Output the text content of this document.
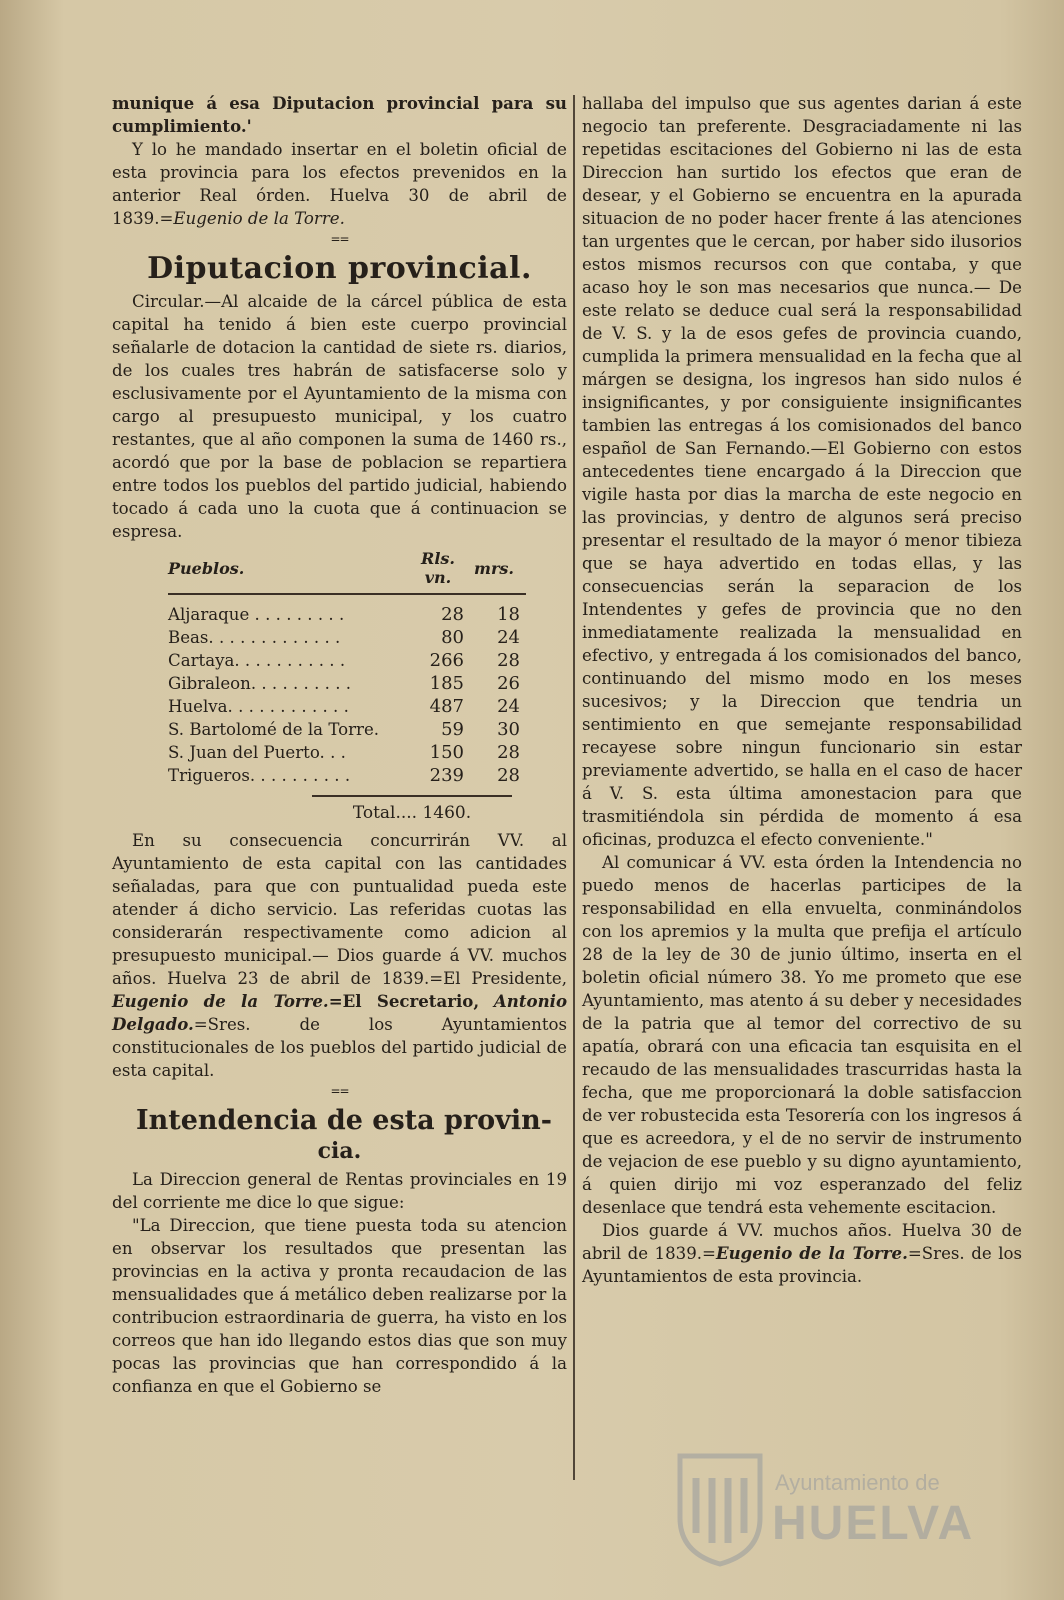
munique á esa Diputacion provincial para su cumplimiento.'

Y lo he mandado insertar en el boletin oficial de esta provincia para los efectos prevenidos en la anterior Real órden. Huelva 30 de abril de 1839.=Eugenio de la Torre.

==
Diputacion provincial.

Circular.—Al alcaide de la cárcel pública de esta capital ha tenido á bien este cuerpo provincial señalarle de dotacion la cantidad de siete rs. diarios, de los cuales tres habrán de satisfacerse solo y esclusivamente por el Ayuntamiento de la misma con cargo al presupuesto municipal, y los cuatro restantes, que al año componen la suma de 1460 rs., acordó que por la base de poblacion se repartiera entre todos los pueblos del partido judicial, habiendo tocado á cada uno la cuota que á continuacion se espresa.

Pueblos.	Rls. vn.	mrs.

Aljaraque . . . . . . . . .	28	18
Beas. . . . . . . . . . . . .	80	24
Cartaya. . . . . . . . . . .	266	28
Gibraleon. . . . . . . . . .	185	26
Huelva. . . . . . . . . . . .	487	24
S. Bartolomé de la Torre.	59	30
S. Juan del Puerto. . .	150	28
Trigueros. . . . . . . . . .	239	28
Total.... 1460.

En su consecuencia concurrirán VV. al Ayuntamiento de esta capital con las cantidades señaladas, para que con puntualidad pueda este atender á dicho servicio. Las referidas cuotas las considerarán respectivamente como adicion al presupuesto municipal.— Dios guarde á VV. muchos años. Huelva 23 de abril de 1839.=El Presidente, Eugenio de la Torre.=El Secretario, Antonio Delgado.=Sres. de los Ayuntamientos constitucionales de los pueblos del partido judicial de esta capital.

==
Intendencia de esta provin-
cia.

La Direccion general de Rentas provinciales en 19 del corriente me dice lo que sigue:

"La Direccion, que tiene puesta toda su atencion en observar los resultados que presentan las provincias en la activa y pronta recaudacion de las mensualidades que á metálico deben realizarse por la contribucion estraordinaria de guerra, ha visto en los correos que han ido llegando estos dias que son muy pocas las provincias que han correspondido á la confianza en que el Gobierno se

hallaba del impulso que sus agentes darian á este negocio tan preferente. Desgraciadamente ni las repetidas escitaciones del Gobierno ni las de esta Direccion han surtido los efectos que eran de desear, y el Gobierno se encuentra en la apurada situacion de no poder hacer frente á las atenciones tan urgentes que le cercan, por haber sido ilusorios estos mismos recursos con que contaba, y que acaso hoy le son mas necesarios que nunca.— De este relato se deduce cual será la responsabilidad de V. S. y la de esos gefes de provincia cuando, cumplida la primera mensualidad en la fecha que al márgen se designa, los ingresos han sido nulos é insignificantes, y por consiguiente insignificantes tambien las entregas á los comisionados del banco español de San Fernando.—El Gobierno con estos antecedentes tiene encargado á la Direccion que vigile hasta por dias la marcha de este negocio en las provincias, y dentro de algunos será preciso presentar el resultado de la mayor ó menor tibieza que se haya advertido en todas ellas, y las consecuencias serán la separacion de los Intendentes y gefes de provincia que no den inmediatamente realizada la mensualidad en efectivo, y entregada á los comisionados del banco, continuando del mismo modo en los meses sucesivos; y la Direccion que tendria un sentimiento en que semejante responsabilidad recayese sobre ningun funcionario sin estar previamente advertido, se halla en el caso de hacer á V. S. esta última amonestacion para que trasmitiéndola sin pérdida de momento á esa oficinas, produzca el efecto conveniente."

Al comunicar á VV. esta órden la Intendencia no puedo menos de hacerlas participes de la responsabilidad en ella envuelta, conminándolos con los apremios y la multa que prefija el artículo 28 de la ley de 30 de junio último, inserta en el boletin oficial número 38. Yo me prometo que ese Ayuntamiento, mas atento á su deber y necesidades de la patria que al temor del correctivo de su apatía, obrará con una eficacia tan esquisita en el recaudo de las mensualidades trascurridas hasta la fecha, que me proporcionará la doble satisfaccion de ver robustecida esta Tesorería con los ingresos á que es acreedora, y el de no servir de instrumento de vejacion de ese pueblo y su digno ayuntamiento, á quien dirijo mi voz esperanzado del feliz desenlace que tendrá esta vehemente escitacion.

Dios guarde á VV. muchos años. Huelva 30 de abril de 1839.=Eugenio de la Torre.=Sres. de los Ayuntamientos de esta provincia.

Ayuntamiento de
HUELVA
